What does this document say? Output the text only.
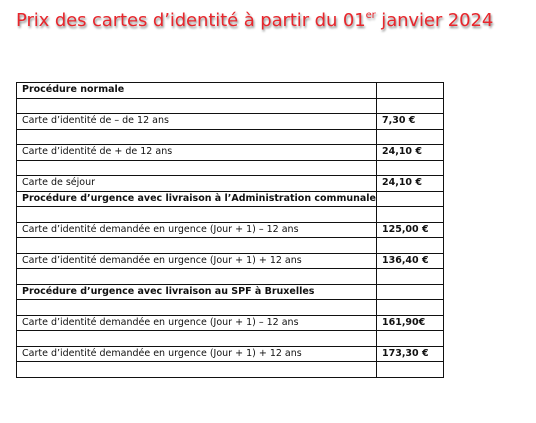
Prix des cartes d’identité à partir du 01er janvier 2024
Procédure normale	

Carte d’identité de – de 12 ans	7,30 €

Carte d’identité de + de 12 ans	24,10 €

Carte de séjour	24,10 €
Procédure d’urgence avec livraison à l’Administration communale	

Carte d’identité demandée en urgence (Jour + 1) – 12 ans	125,00 €

Carte d’identité demandée en urgence (Jour + 1) + 12 ans	136,40 €

Procédure d’urgence avec livraison au SPF à Bruxelles	

Carte d’identité demandée en urgence (Jour + 1) – 12 ans	161,90€

Carte d’identité demandée en urgence (Jour + 1) + 12 ans	173,30 €
